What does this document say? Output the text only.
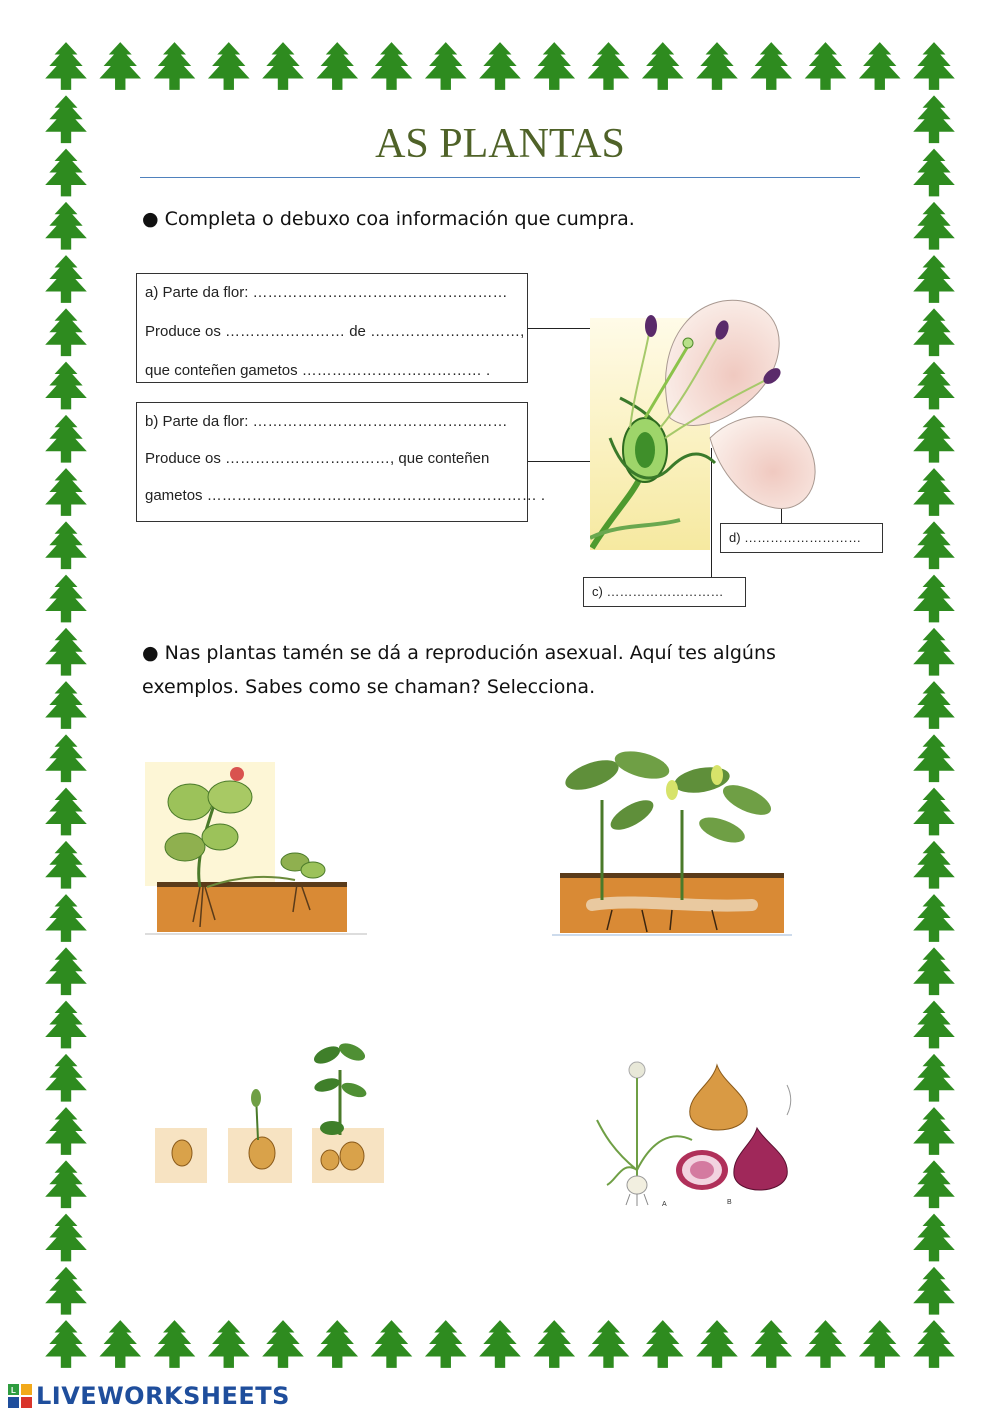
AS PLANTAS
● Completa o debuxo coa información que cumpra.
a) Parte da flor: ……………………………………………
Produce os …………………… de …………………………,
que conteñen gametos ……………………………… .
b) Parte da flor: ……………………………………………
Produce os ……………………………, que conteñen
gametos ………………………………………………………… .
d) ………………………
c) ………………………
● Nas plantas tamén se dá a reprodución asexual. Aquí tes algúns
exemplos. Sabes como se chaman? Selecciona.
A	B
L LIVEWORKSHEETS
